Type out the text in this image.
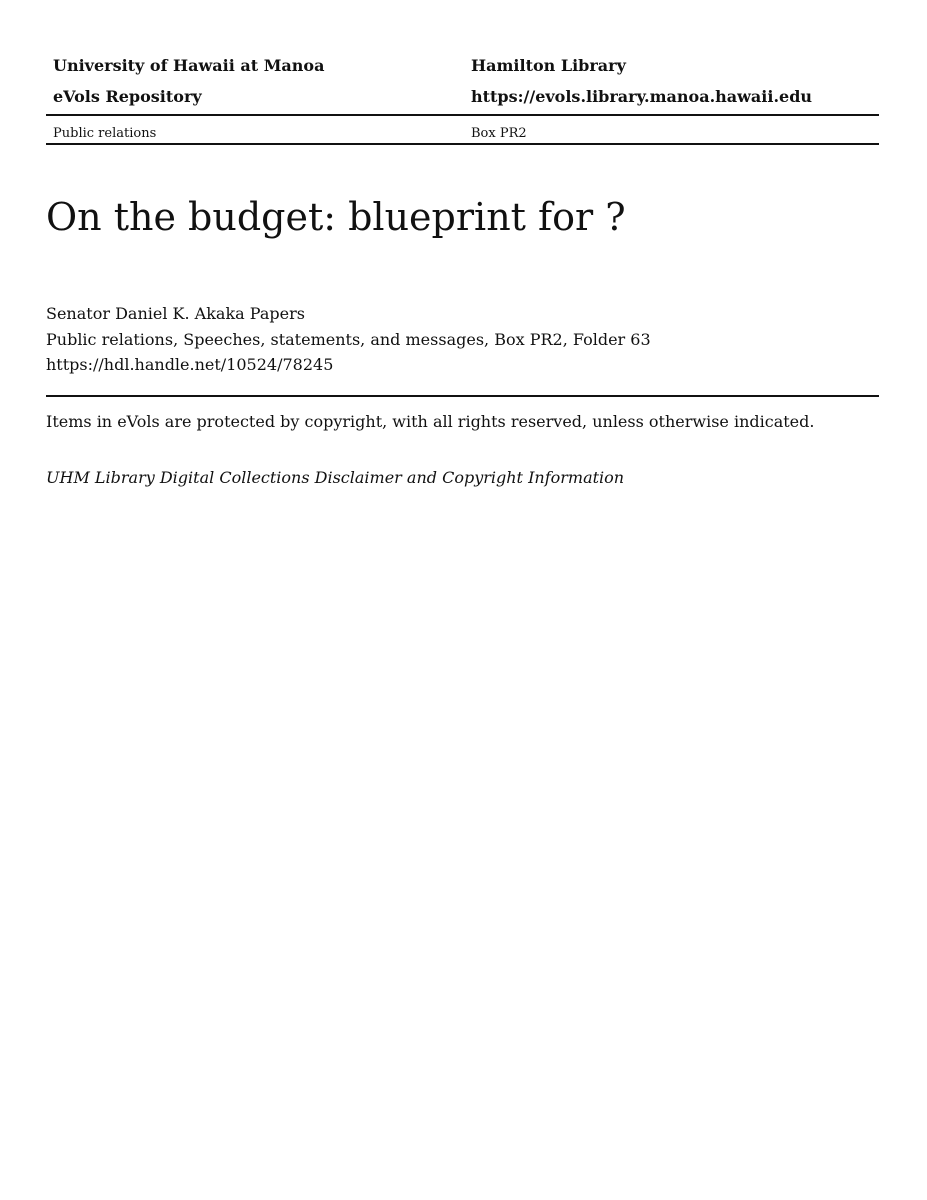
University of Hawaii at Manoa	Hamilton Library
eVols Repository	https://evols.library.manoa.hawaii.edu
Public relations	Box PR2
On the budget: blueprint for ?
Senator Daniel K. Akaka Papers
Public relations, Speeches, statements, and messages, Box PR2, Folder 63
https://hdl.handle.net/10524/78245
Items in eVols are protected by copyright, with all rights reserved, unless otherwise indicated.
UHM Library Digital Collections Disclaimer and Copyright Information
